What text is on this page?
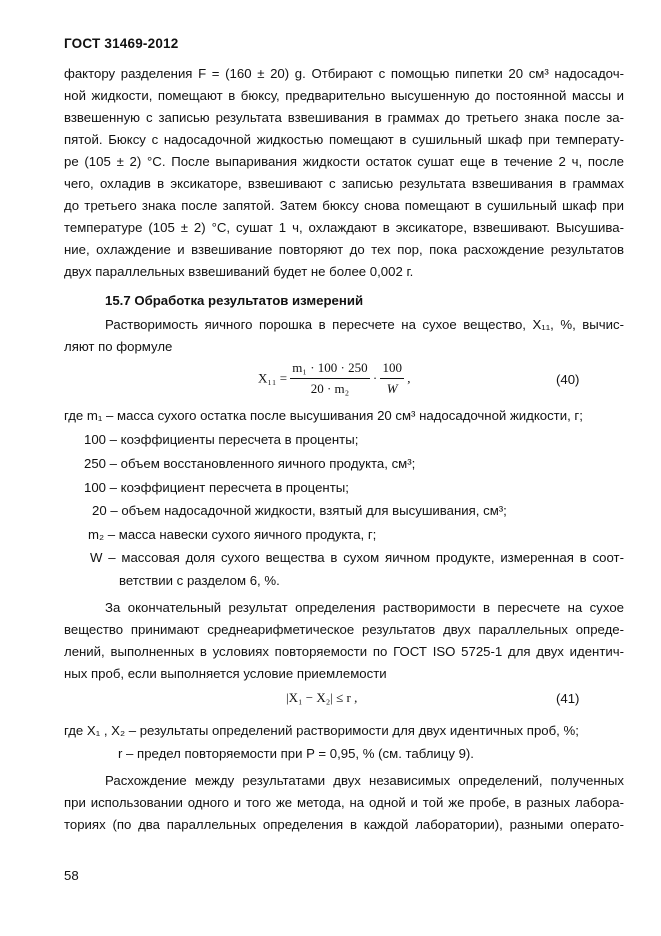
ГОСТ 31469-2012
фактору разделения F = (160 ± 20) g. Отбирают с помощью пипетки 20 см³ надосадоч-
ной жидкости, помещают в бюксу, предварительно высушенную до постоянной массы и
взвешенную с записью результата взвешивания в граммах до третьего знака после за-
пятой. Бюксу с надосадочной жидкостью помещают в сушильный шкаф при температу-
ре (105 ± 2) °С. После выпаривания жидкости остаток сушат еще в течение 2 ч, после
чего, охладив в эксикаторе, взвешивают с записью результата взвешивания в граммах
до третьего знака после запятой. Затем бюксу снова помещают в сушильный шкаф при
температуре (105 ± 2) °С, сушат 1 ч, охлаждают в эксикаторе, взвешивают. Высушива-
ние, охлаждение и взвешивание повторяют до тех пор, пока расхождение результатов
двух параллельных взвешиваний будет не более 0,002 г.
15.7 Обработка результатов измерений
Растворимость яичного порошка в пересчете на сухое вещество, X₁₁, %, вычис-
ляют по формуле
$X_{11} = \frac{\text{m₁ · 100 · 250}}{\text{20 · m₂}} \cdot \frac{100}{W}$ ,	(40)
где m₁ – масса сухого остатка после высушивания 20 см³ надосадочной жидкости, г;
100 – коэффициенты пересчета в проценты;
250 – объем восстановленного яичного продукта, см³;
100 – коэффициент пересчета в проценты;
20 – объем надосадочной жидкости, взятый для высушивания, см³;
m₂ – масса навески сухого яичного продукта, г;
W – массовая доля сухого вещества в сухом яичном продукте, измеренная в соот-
ветствии с разделом 6, %.
За окончательный результат определения растворимости в пересчете на сухое
вещество принимают среднеарифметическое результатов двух параллельных опреде-
лений, выполненных в условиях повторяемости по ГОСТ ISO 5725-1 для двух идентич-
ных проб, если выполняется условие приемлемости
|X₁ − X₂| ≤ r ,	(41)
где X₁ , X₂ – результаты определений растворимости для двух идентичных проб, %;
r – предел повторяемости при P = 0,95, % (см. таблицу 9).
Расхождение между результатами двух независимых определений, полученных
при использовании одного и того же метода, на одной и той же пробе, в разных лабора-
ториях (по два параллельных определения в каждой лаборатории), разными операто-
58
